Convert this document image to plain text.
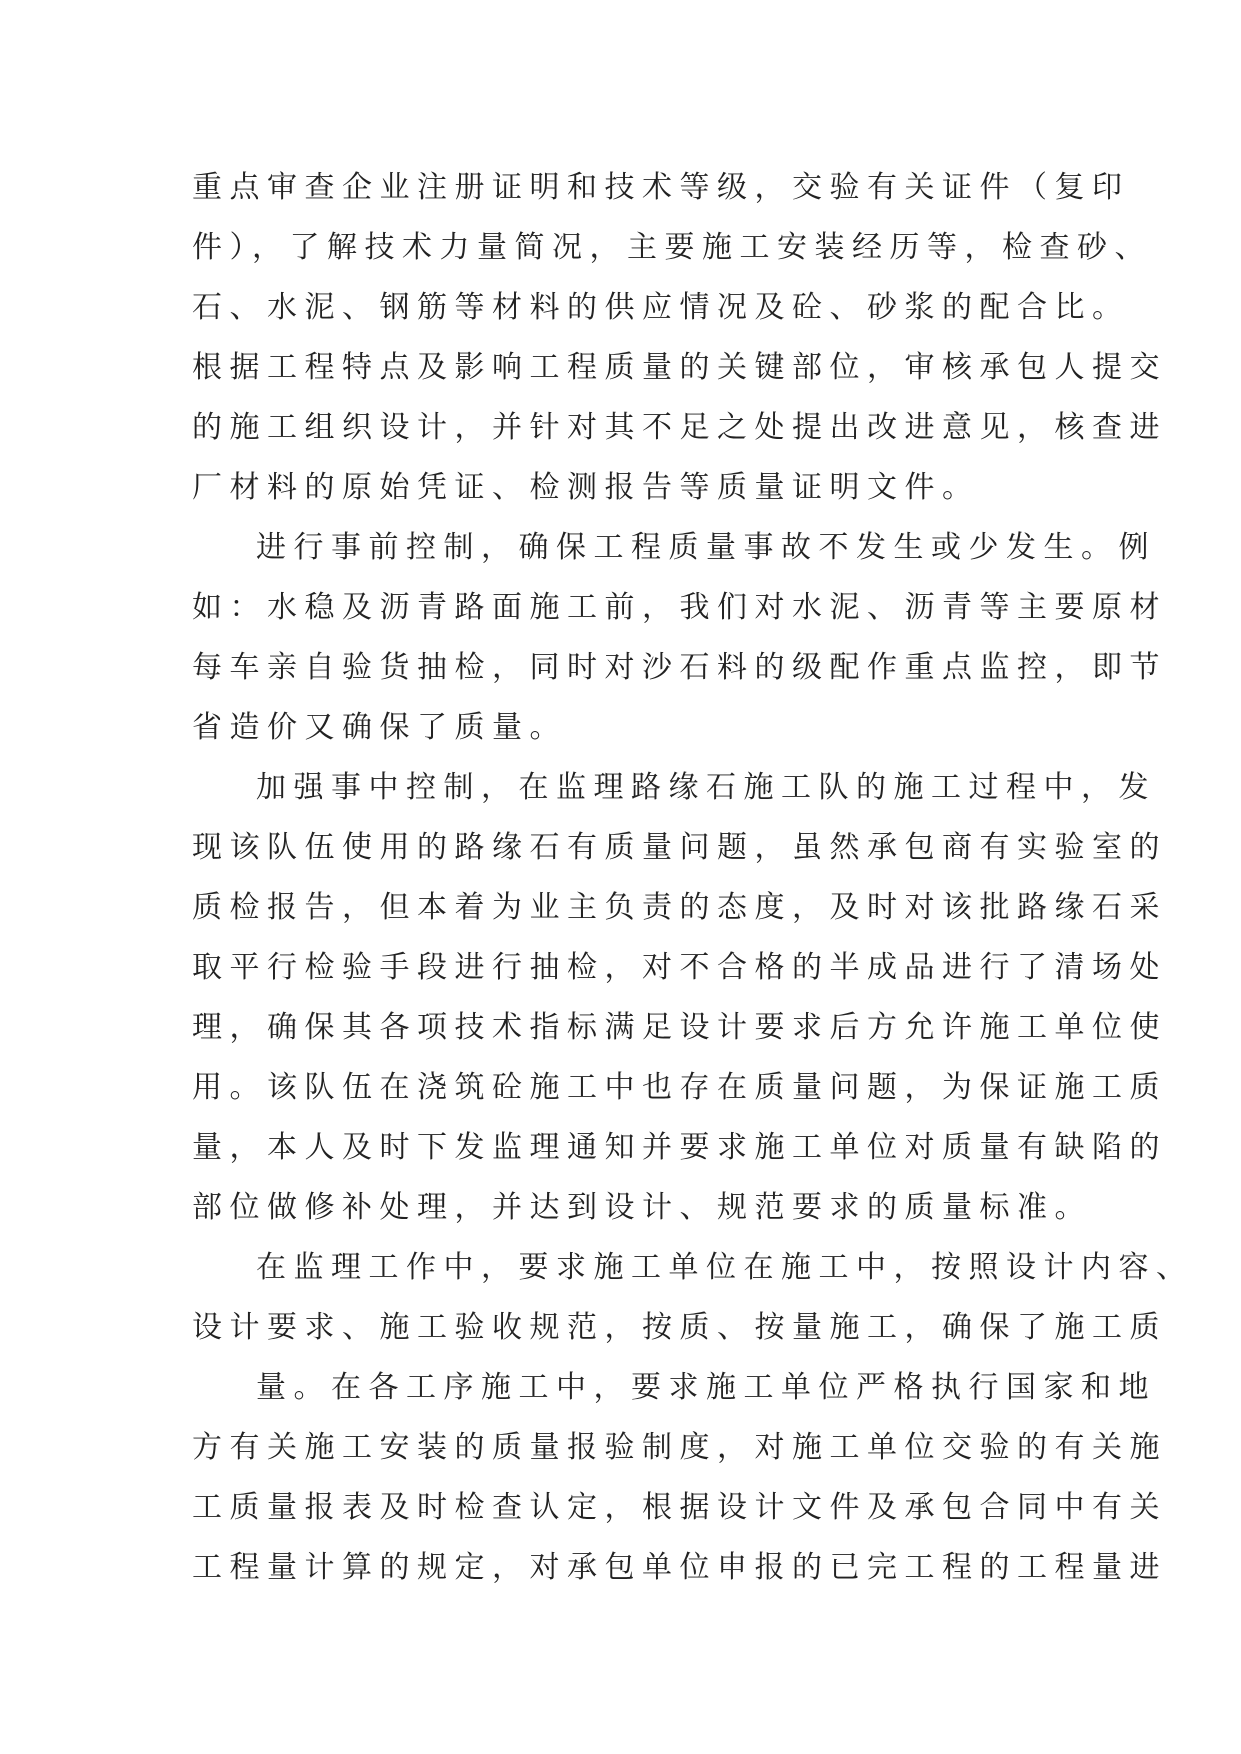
重点审查企业注册证明和技术等级，交验有关证件（复印
件），了解技术力量简况，主要施工安装经历等，检查砂、
石、水泥、钢筋等材料的供应情况及砼、砂浆的配合比。
根据工程特点及影响工程质量的关键部位，审核承包人提交
的施工组织设计，并针对其不足之处提出改进意见，核查进
厂材料的原始凭证、检测报告等质量证明文件。
进行事前控制，确保工程质量事故不发生或少发生。例
如：水稳及沥青路面施工前，我们对水泥、沥青等主要原材
每车亲自验货抽检，同时对沙石料的级配作重点监控，即节
省造价又确保了质量。
加强事中控制，在监理路缘石施工队的施工过程中，发
现该队伍使用的路缘石有质量问题，虽然承包商有实验室的
质检报告，但本着为业主负责的态度，及时对该批路缘石采
取平行检验手段进行抽检，对不合格的半成品进行了清场处
理，确保其各项技术指标满足设计要求后方允许施工单位使
用。该队伍在浇筑砼施工中也存在质量问题，为保证施工质
量，本人及时下发监理通知并要求施工单位对质量有缺陷的
部位做修补处理，并达到设计、规范要求的质量标准。
在监理工作中，要求施工单位在施工中，按照设计内容、
设计要求、施工验收规范，按质、按量施工，确保了施工质
量。在各工序施工中，要求施工单位严格执行国家和地
方有关施工安装的质量报验制度，对施工单位交验的有关施
工质量报表及时检查认定，根据设计文件及承包合同中有关
工程量计算的规定，对承包单位申报的已完工程的工程量进
